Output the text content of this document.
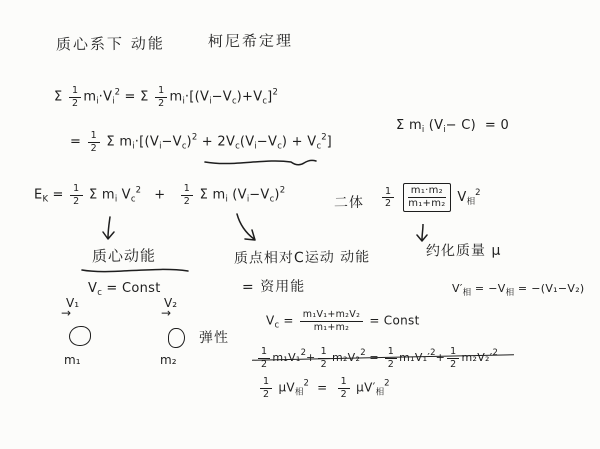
质心系下 动能	柯尼希定理
Σ $\frac{1}{2} m_i\cdot V_i^2 = \Sigma \frac{1}{2} m_i\cdot[(V_i-V_c)+V_c]^2$
Σ $m_i$ $(V_i- C) = 0$
= $\frac{1}{2}$ Σ $m_i\cdot[(V_i-V_c)^2 + 2V_c(V_i-V_c) + V_c^2]$
$E_K = \frac{1}{2}$ Σ $m_i$ $V_c^2 + \frac{1}{2}$ Σ $m_i$ $(V_i-V_c)^2$
二体 $\frac{1}{2}$
$\frac{\text{m₁·m₂}}{\text{m₁+m₂}} V_相^2$
质心动能	质点相对C运动 动能	约化质量 μ
$V_c$ = Const	= 资用能	$V'_相 = -V_相 = -(V_1-V_2)$
V₁
→
m₁
V₂
→
m₂
弹性
$V_c = \frac{\text{m₁V₁+m₂V₂}}{\text{m₁+m₂}}$ = Const
$\frac{1}{2} m_1V_1^2+ \frac{1}{2} m_2V_2^2 = \frac{1}{2} m_1V_1'^2+ \frac{1}{2} m_2V_2'^2$
$\frac{1}{2} \mu V_相^2 = \frac{1}{2} \mu V'_相^2$
